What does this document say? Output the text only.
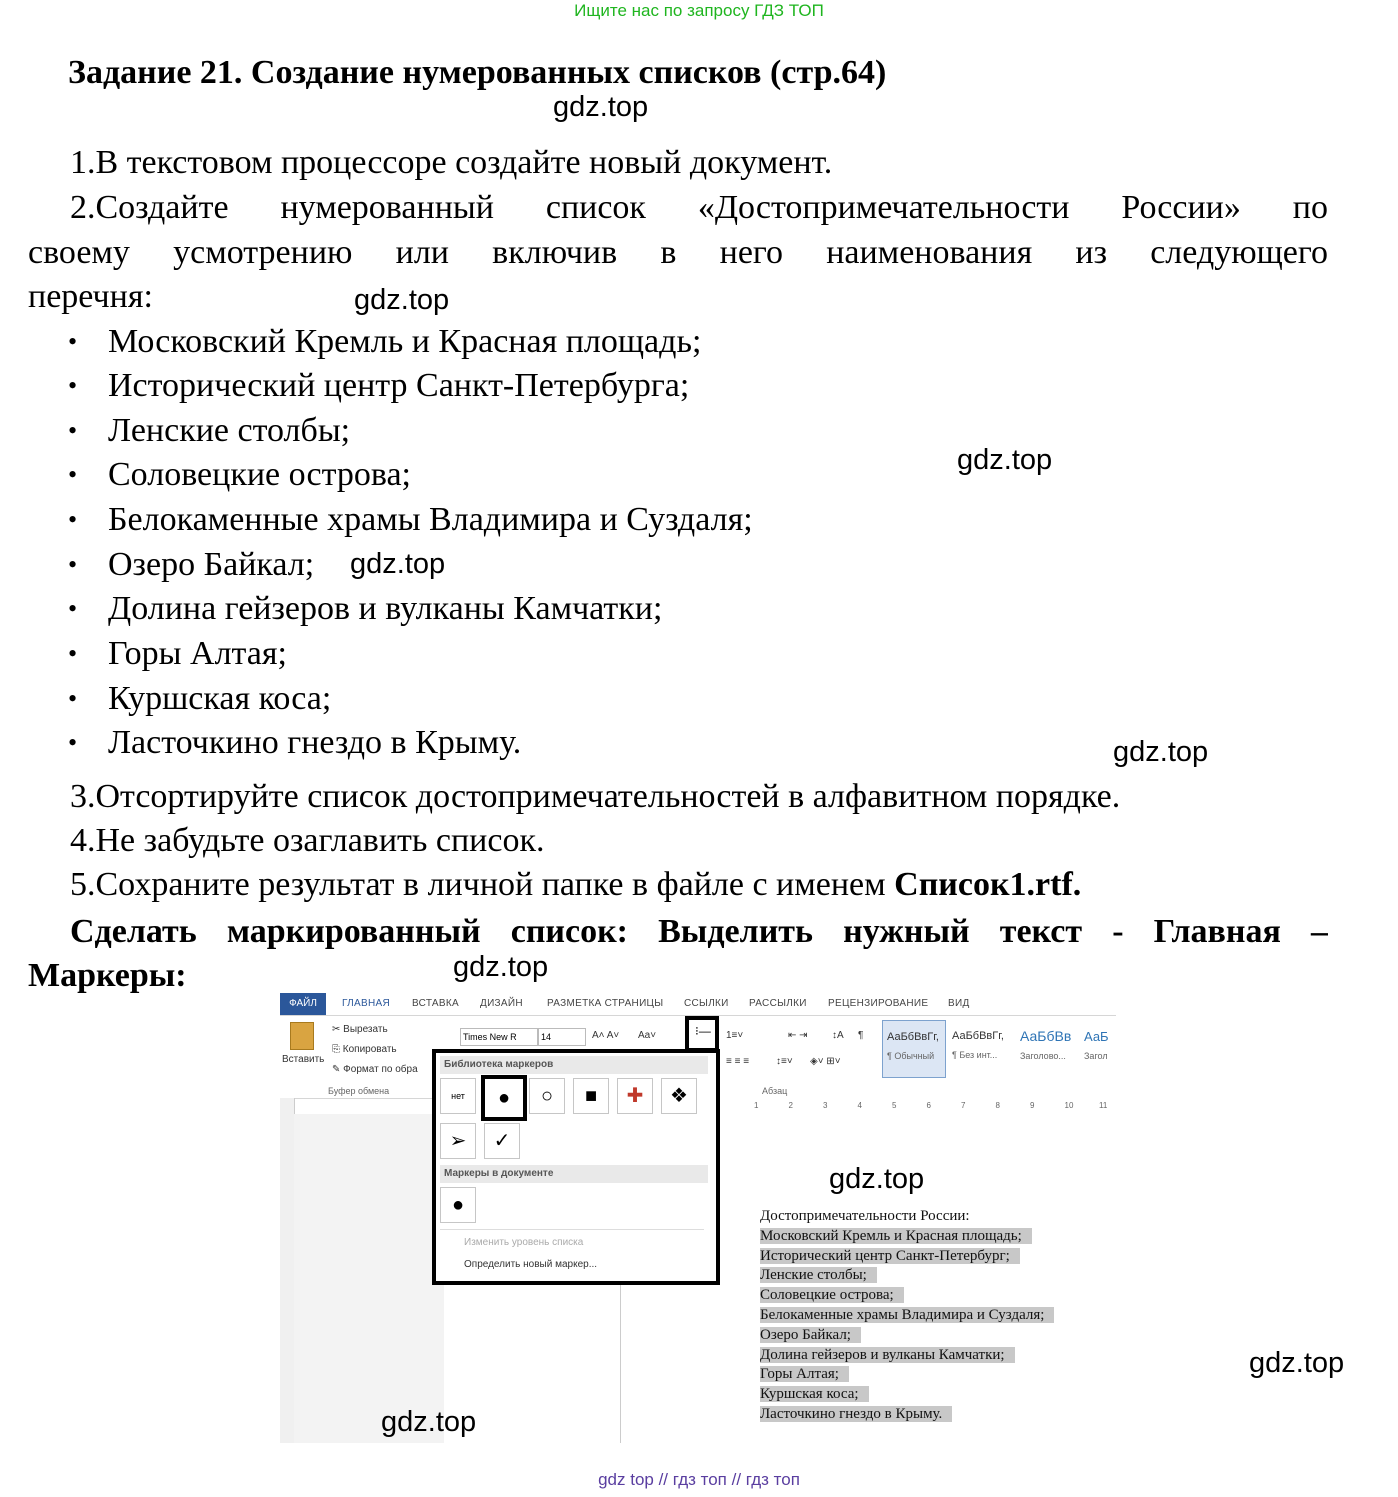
Ищите нас по запросу ГДЗ ТОП
Задание 21. Создание нумерованных списков (стр.64)
gdz.top
1.В текстовом процессоре создайте новый документ.
2.Создайте нумерованный список «Достопримечательности России» по
своему усмотрению или включив в него наименования из следующего
перечня:	gdz.top
• Московский Кремль и Красная площадь;
• Исторический центр Санкт-Петербурга;
• Ленские столбы;
• Соловецкие острова;
• Белокаменные храмы Владимира и Суздаля;
• Озеро Байкал;
• Долина гейзеров и вулканы Камчатки;
• Горы Алтая;
• Куршская коса;
• Ласточкино гнездо в Крыму.
gdz.top
gdz.top
gdz.top
3.Отсортируйте список достопримечательностей в алфавитном порядке.
4.Не забудьте озаглавить список.
5.Сохраните результат в личной папке в файле с именем Список1.rtf.
Сделать маркированный список: Выделить нужный текст - Главная –
Маркеры:	gdz.top
ФАЙЛ	ГЛАВНАЯ ВСТАВКА ДИЗАЙН РАЗМЕТКА СТРАНИЦЫ ССЫЛКИ РАССЫЛКИ РЕЦЕНЗИРОВАНИЕ ВИД
Вставить
✂ Вырезать
⎘ Копировать
✎ Формат по обра
Буфер обмена
Times New R	14	A˄ A˅ Aa˅	1≡˅	⇤ ⇥ ↕A ¶
≡ ≡ ≡	↕≡˅ ◈˅ ⊞˅
Абзац
АаБбВвГг,
¶ Обычный
АаБбВвГг,
¶ Без инт...
АаБбВв
Заголово...
АаБ
Загол
1	2	3	4	5	6	7	8	9	10	11
Достопримечательности России:
Московский Кремль и Красная площадь;
Исторический центр Санкт-Петербург;
Ленские столбы;
Соловецкие острова;
Белокаменные храмы Владимира и Суздаля;
Озеро Байкал;
Долина гейзеров и вулканы Камчатки;
Горы Алтая;
Куршская коса;
Ласточкино гнездо в Крыму.
⁝―
Библиотека маркеров
нет	●	○	■	✚	❖
➢	✓
Маркеры в документе
●
Изменить уровень списка
Определить новый маркер...
gdz.top
gdz.top
gdz.top
gdz top // гдз топ // гдз топ
